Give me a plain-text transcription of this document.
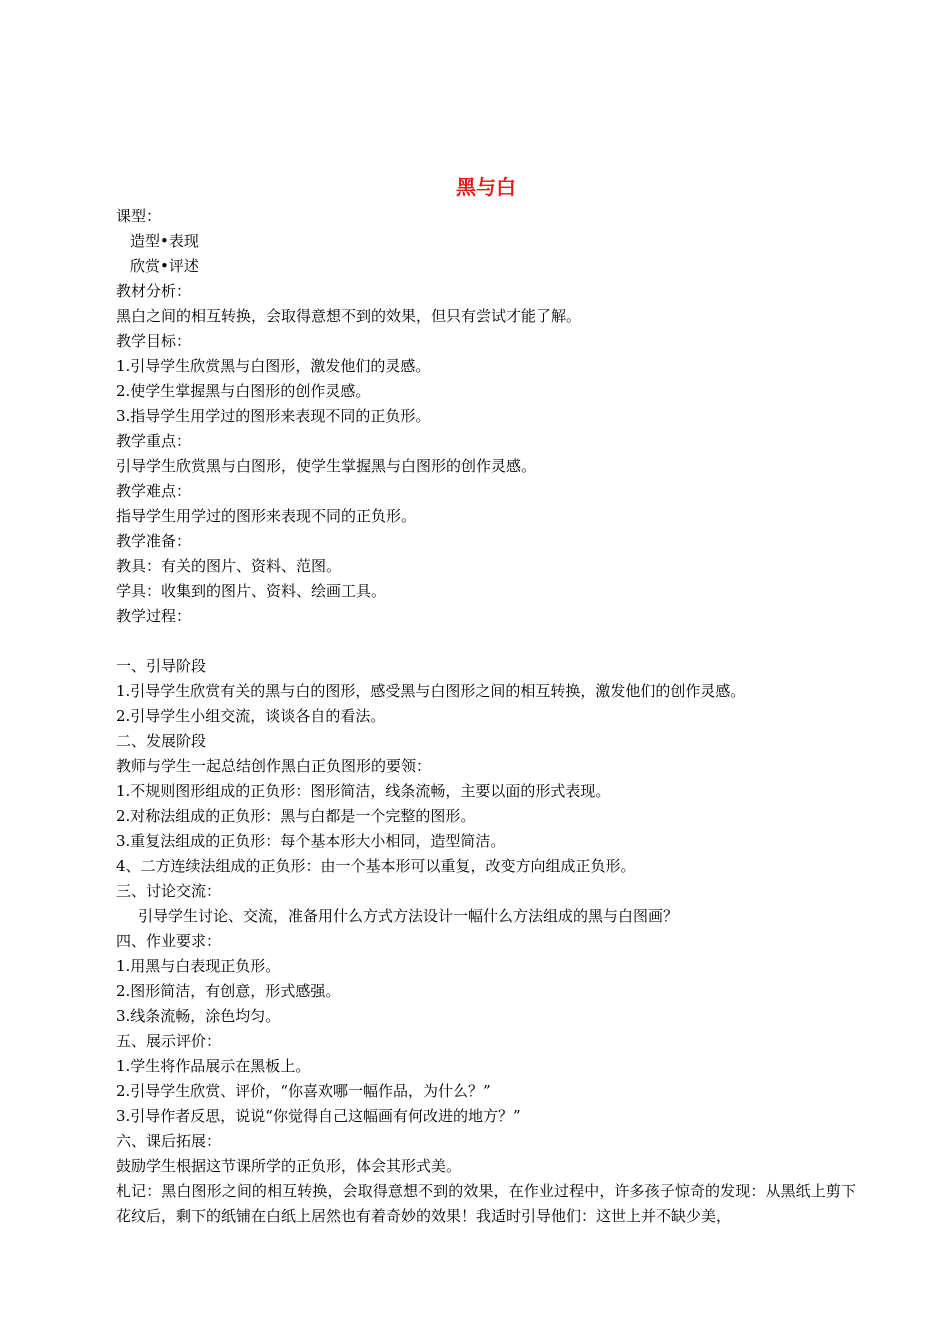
黑与白
课型：
造型•表现
欣赏•评述
教材分析：
黑白之间的相互转换，会取得意想不到的效果，但只有尝试才能了解。
教学目标：
1.引导学生欣赏黑与白图形，激发他们的灵感。
2.使学生掌握黑与白图形的创作灵感。
3.指导学生用学过的图形来表现不同的正负形。
教学重点：
引导学生欣赏黑与白图形，使学生掌握黑与白图形的创作灵感。
教学难点：
指导学生用学过的图形来表现不同的正负形。
教学准备：
教具：有关的图片、资料、范图。
学具：收集到的图片、资料、绘画工具。
教学过程：
一、引导阶段
1.引导学生欣赏有关的黑与白的图形，感受黑与白图形之间的相互转换，激发他们的创作灵感。
2.引导学生小组交流，谈谈各自的看法。
二、发展阶段
教师与学生一起总结创作黑白正负图形的要领：
1.不规则图形组成的正负形：图形简洁，线条流畅，主要以面的形式表现。
2.对称法组成的正负形：黑与白都是一个完整的图形。
3.重复法组成的正负形：每个基本形大小相同，造型简洁。
4、二方连续法组成的正负形：由一个基本形可以重复，改变方向组成正负形。
三、讨论交流：
引导学生讨论、交流，准备用什么方式方法设计一幅什么方法组成的黑与白图画？
四、作业要求：
1.用黑与白表现正负形。
2.图形简洁，有创意，形式感强。
3.线条流畅，涂色均匀。
五、展示评价：
1.学生将作品展示在黑板上。
2.引导学生欣赏、评价，“你喜欢哪一幅作品，为什么？”
3.引导作者反思，说说“你觉得自己这幅画有何改进的地方？”
六、课后拓展：
鼓励学生根据这节课所学的正负形，体会其形式美。
札记：黑白图形之间的相互转换，会取得意想不到的效果，在作业过程中，许多孩子惊奇的发现：从黑纸上剪下花纹后，剩下的纸铺在白纸上居然也有着奇妙的效果！我适时引导他们：这世上并不缺少美，
